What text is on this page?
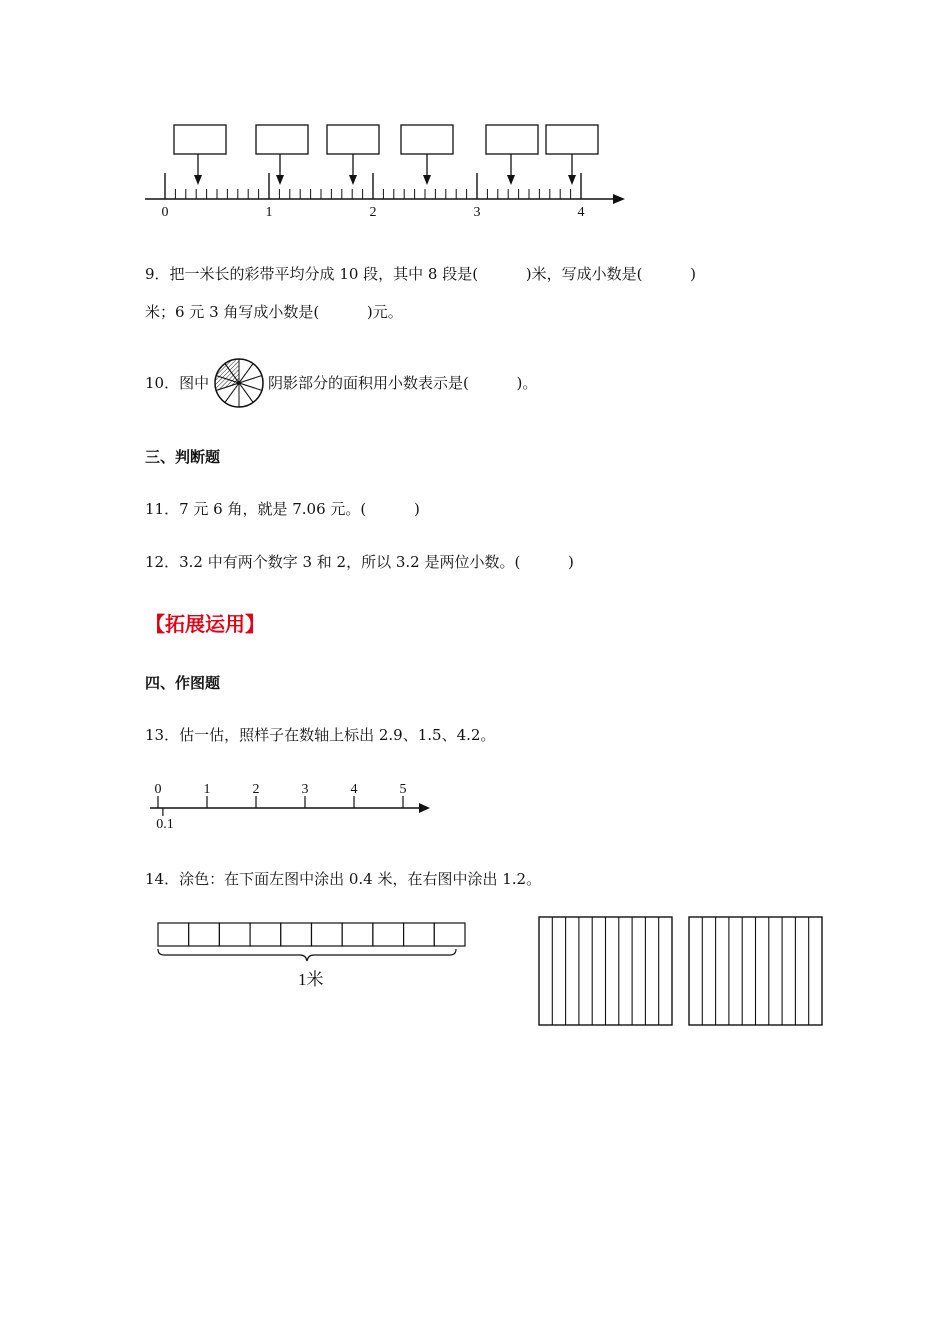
0	1	2	3	4
9．把一米长的彩带平均分成 10 段，其中 8 段是(          )米，写成小数是(          )
米；6 元 3 角写成小数是(          )元。
10．图中	阴影部分的面积用小数表示是(          )。
三、判断题
11．7 元 6 角，就是 7.06 元。(          )
12．3.2 中有两个数字 3 和 2，所以 3.2 是两位小数。(          )
【拓展运用】
四、作图题
13．估一估，照样子在数轴上标出 2.9、1.5、4.2。
0	1	2	3	4	5
0.1
14．涂色：在下面左图中涂出 0.4 米，在右图中涂出 1.2。
1米
